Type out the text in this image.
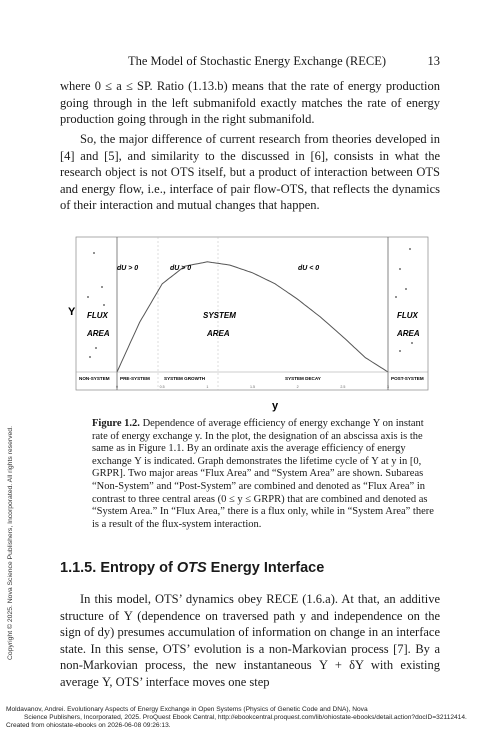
The Model of Stochastic Energy Exchange (RECE)	13

where 0 ≤ a ≤ SP. Ratio (1.13.b) means that the rate of energy production going through in the left submanifold exactly matches the rate of energy production going through in the right submanifold.

So, the major difference of current research from theories developed in [4] and [5], and similarity to the discussed in [6], consists in what the research object is not OTS itself, but a product of interaction between OTS and energy flow, i.e., interface of pair flow-OTS, that reflects the dynamics of their interaction and mutual changes that happen.

0	0.5	1	1.5	2	2.5	3
dU > 0	dU > 0	dU < 0
FLUX
AREA
SYSTEM
AREA
FLUX
AREA
NON-SYSTEM PRE-SYSTEM	SYSTEM GROWTH	SYSTEM DECAY	POST-SYSTEM
Υ
y

Figure 1.2. Dependence of average efficiency of energy exchange Υ on instant rate of energy exchange y. In the plot, the designation of an abscissa axis is the same as in Figure 1.1. By an ordinate axis the average efficiency of energy exchange Υ is indicated. Graph demonstrates the lifetime cycle of Υ at y in [0, GRPR]. Two major areas “Flux Area” and “System Area” are shown. Subareas “Non-System” and “Post-System” are combined and denoted as “Flux Area” in contrast to three central areas (0 ≤ y ≤ GRPR) that are combined and denoted as “System Area.” In “Flux Area,” there is a flux only, while in “System Area” there is a result of the flux-system interaction.

1.1.5. Entropy of OTS Energy Interface

In this model, OTS’ dynamics obey RECE (1.6.a). At that, an additive structure of Υ (dependence on traversed path y and independence on the sign of dy) presumes accumulation of information on change in an interface state. In this sense, OTS’ evolution is a non-Markovian process [7]. By a non-Markovian process, the new instantaneous Υ + δΥ with existing average Υ, OTS’ interface moves one step

Copyright © 2025. Nova Science Publishers, Incorporated. All rights reserved.
Moldavanov, Andrei. Evolutionary Aspects of Energy Exchange in Open Systems (Physics of Genetic Code and DNA), Nova
Science Publishers, Incorporated, 2025. ProQuest Ebook Central, http://ebookcentral.proquest.com/lib/ohiostate-ebooks/detail.action?docID=32112414.
Created from ohiostate-ebooks on 2026-06-08 09:26:13.
